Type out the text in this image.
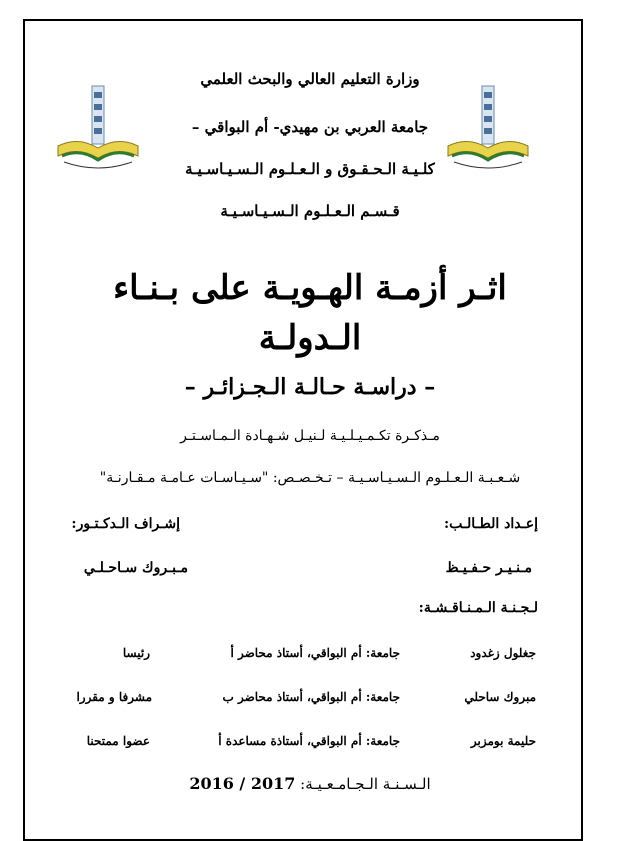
وزارة التعليم العالي والبحث العلمي
جامعة العربي بن مهيدي- أم البواقي –
كلـيـة الـحـقـوق و الـعـلـوم الـسـيـاسـيـة
قـسـم الـعـلـوم الـسـيـاسـيـة
اثـر أزمـة الهـويـة على بـنـاء
الـدولـة
– دراسـة حـالـة الـجـزائـر –
مـذكـرة تكـمـيـلـيـة لـنيـل شـهـادة الـمـاسـتـر
شـعـبـة الـعـلـوم الـسـيـاسـيـة – تـخـصـص: "سـيـاسـات عـامـة مـقـارنـة"
إعـداد الطـالـب:
إشـراف الـدكـتـور:
مـنـيـر حـفـيـظ
مـبـروك سـاحـلـي
لـجـنـة الـمـنـاقـشـة:
جغلول زغدود
جامعة: أم البواقي، أستاذ محاضر أ
رئيسا
مبروك ساحلي
جامعة: أم البواقي، أستاذ محاضر ب
مشرفا و مقررا
حليمة بومزبر
جامعة: أم البواقي، أستاذة مساعدة أ
عضوا ممتحنا
الـسـنـة الـجـامـعـيـة: 2016 / 2017
